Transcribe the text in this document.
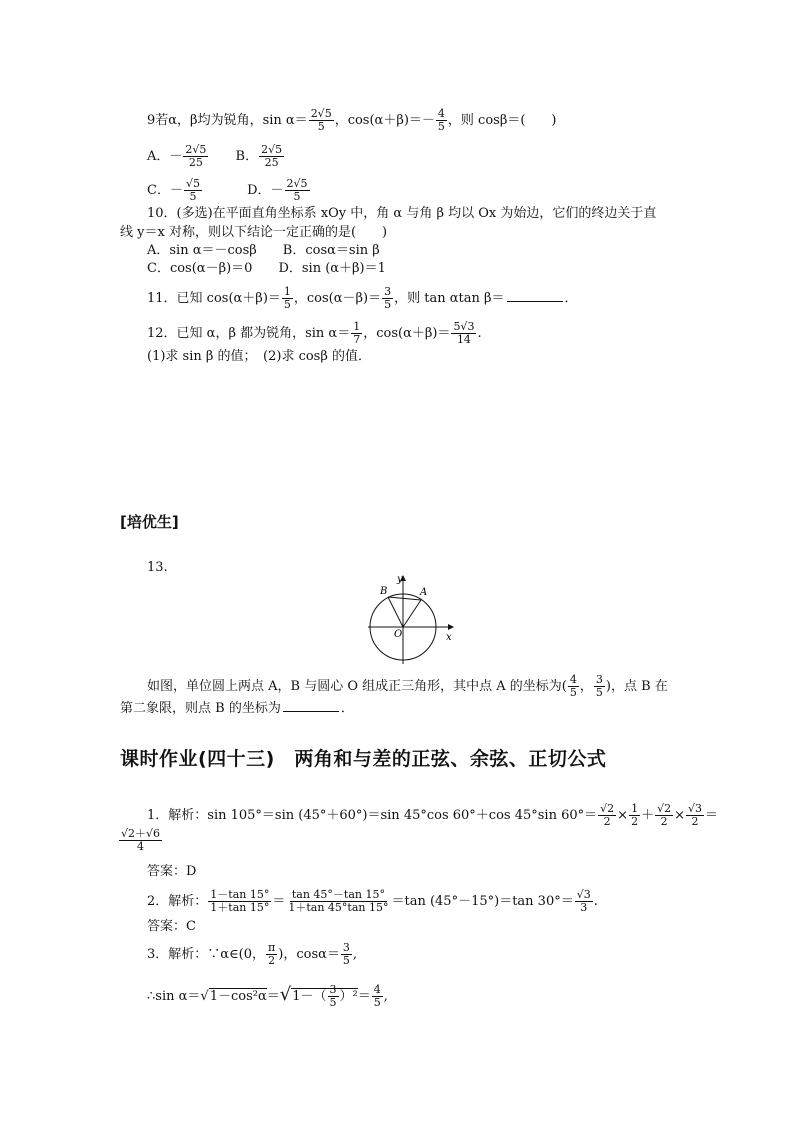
9若α，β均为锐角，$\sin \alpha= \frac{2√5}{5}$ ，$\cos(\alpha+\beta)=- \frac{4}{5}$ ，则 cosβ＝(　　)
A．－ $\frac{2√5}{25}$ B． $\frac{2√5}{25}$
C．－ $\frac{√5}{5}$	D．－ $\frac{2√5}{5}$
10．(多选)在平面直角坐标系 xOy 中，角 α 与角 β 均以 Ox 为始边，它们的终边关于直
线 y＝x 对称，则以下结论一定正确的是(　　)
A．sin α＝－cosβ B．cosα＝sin β
C．cos(α－β)＝0 D．sin (α＋β)＝1
11．已知 $\cos(\alpha+\beta)= \frac{1}{5}$ ，$\cos(\alpha-\beta)= \frac{3}{5}$ ，则 tan αtan β＝	．
12．已知 α，β 都为锐角，$\sin \alpha= \frac{1}{7}$ ，$\cos(\alpha+\beta)= \frac{5√3}{14}$ .
(1)求 sin β 的值；　(2)求 cosβ 的值．
[培优生]
13.
y
x
A
B
O
如图，单位圆上两点 A，B 与圆心 O 组成正三角形，其中点 A 的坐标为( $\frac{4}{5}$ ， $\frac{3}{5}$ )，点 B 在
第二象限，则点 B 的坐标为	．
课时作业(四十三)　两角和与差的正弦、余弦、正切公式
1．解析：sin 105°＝sin (45°＋60°)＝sin 45°cos 60°＋cos 45°sin $60^\circ= \frac{√2}{2} \times \frac{1}{2} + \frac{√2}{2} \times \frac{√3}{2}$ ＝
$\frac{√2+√6}{4}$
答案：D
2．解析： $\frac{1-\tan 15^\circ}{1+\tan 15^\circ} = \frac{\tan 45^\circ-\tan 15^\circ}{1+\tan 45^\circ\tan 15^\circ} =\tan$ (45°－15°)＝tan $30^\circ= \frac{√3}{3}$ .
答案：C
3．解析：∵α∈(0， $\frac{\pi}{2}$ )，$\cos\alpha= \frac{3}{5}$ ,
∴sin $\alpha=√1-\cos^2\alpha=√1-( \frac{3}{5} )^2= \frac{4}{5}$ ,
